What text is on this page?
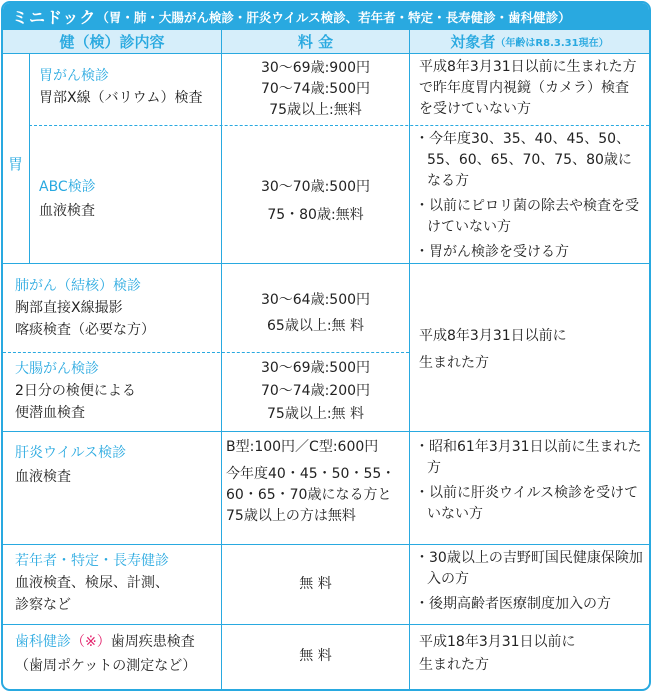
ミニドック （胃・肺・大腸がん検診・肝炎ウイルス検診、若年者・特定・長寿健診・歯科健診）
健（検）診内容	料 金	対象者 （年齢はR8.3.31現在）
胃
胃がん検診
胃部X線（バリウム）検査
30〜69歳:900円
70〜74歳:500円
75歳以上:無料
平成8年3月31日以前に生まれた方で昨年度胃内視鏡（カメラ）検査を受けていない方
ABC検診
血液検査
30〜70歳:500円
75・80歳:無料
・今年度30、35、40、45、50、55、60、65、70、75、80歳になる方
・以前にピロリ菌の除去や検査を受けていない方
・胃がん検診を受ける方
肺がん（結核）検診
胸部直接X線撮影
喀痰検査（必要な方）
30〜64歳:500円
65歳以上:無 料
大腸がん検診
2日分の検便による
便潜血検査
30〜69歳:500円
70〜74歳:200円
75歳以上:無 料
平成8年3月31日以前に
生まれた方
肝炎ウイルス検診
血液検査
B型:100円／C型:600円
今年度40・45・50・55・
60・65・70歳になる方と
75歳以上の方は無料
・昭和61年3月31日以前に生まれた方
・以前に肝炎ウイルス検診を受けていない方
若年者・特定・長寿健診
血液検査、検尿、計測、
診察など
無 料
・30歳以上の吉野町国民健康保険加入の方
・後期高齢者医療制度加入の方
歯科健診（※）歯周疾患検査
（歯周ポケットの測定など）
無 料
平成18年3月31日以前に
生まれた方
